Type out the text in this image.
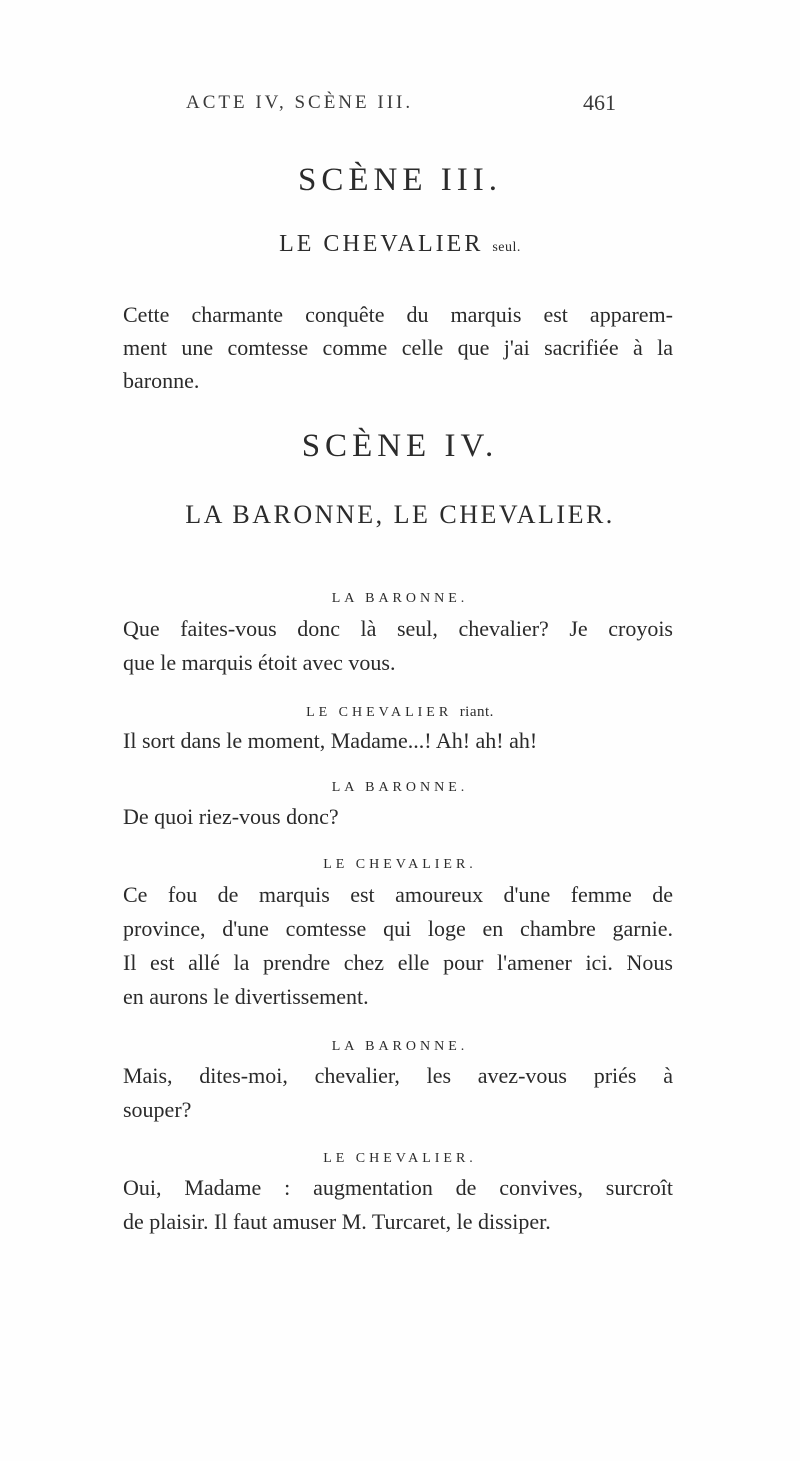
ACTE IV, SCÈNE III.	461
SCÈNE III.
LE CHEVALIER seul.
Cette charmante conquête du marquis est apparem-
ment une comtesse comme celle que j'ai sacrifiée à la
baronne.
SCÈNE IV.
LA BARONNE, LE CHEVALIER.
LA BARONNE.
Que faites-vous donc là seul, chevalier? Je croyois
que le marquis étoit avec vous.
LE CHEVALIER riant.
Il sort dans le moment, Madame...! Ah! ah! ah!
LA BARONNE.
De quoi riez-vous donc?
LE CHEVALIER.
Ce fou de marquis est amoureux d'une femme de
province, d'une comtesse qui loge en chambre garnie.
Il est allé la prendre chez elle pour l'amener ici. Nous
en aurons le divertissement.
LA BARONNE.
Mais, dites-moi, chevalier, les avez-vous priés à
souper?
LE CHEVALIER.
Oui, Madame : augmentation de convives, surcroît
de plaisir. Il faut amuser M. Turcaret, le dissiper.
